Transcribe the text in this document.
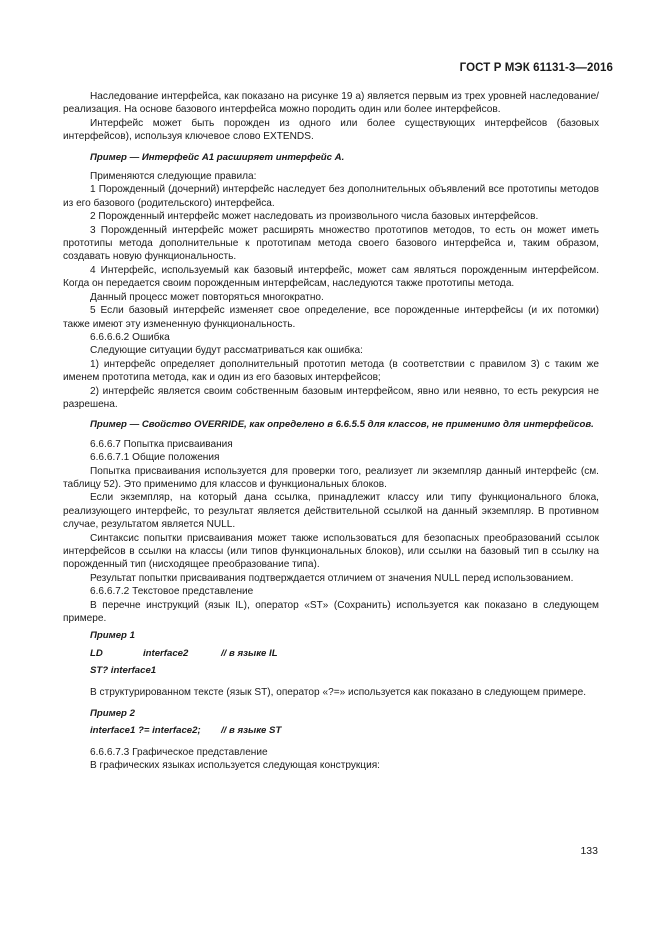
ГОСТ Р МЭК 61131-3—2016

Наследование интерфейса, как показано на рисунке 19 а) является первым из трех уровней наследование/реализация. На основе базового интерфейса можно породить один или более интерфейсов.

Интерфейс может быть порожден из одного или более существующих интерфейсов (базовых интерфейсов), используя ключевое слово EXTENDS.

Пример — Интерфейс A1 расширяет интерфейс A.

Применяются следующие правила:

1 Порожденный (дочерний) интерфейс наследует без дополнительных объявлений все прототипы методов из его базового (родительского) интерфейса.

2 Порожденный интерфейс может наследовать из произвольного числа базовых интерфейсов.

3 Порожденный интерфейс может расширять множество прототипов методов, то есть он может иметь прототипы метода дополнительные к прототипам метода своего базового интерфейса и, таким образом, создавать новую функциональность.

4 Интерфейс, используемый как базовый интерфейс, может сам являться порожденным интерфейсом. Когда он передается своим порожденным интерфейсам, наследуются также прототипы метода.

Данный процесс может повторяться многократно.

5 Если базовый интерфейс изменяет свое определение, все порожденные интерфейсы (и их потомки) также имеют эту измененную функциональность.

6.6.6.6.2 Ошибка

Следующие ситуации будут рассматриваться как ошибка:

1) интерфейс определяет дополнительный прототип метода (в соответствии с правилом 3) с таким же именем прототипа метода, как и один из его базовых интерфейсов;

2) интерфейс является своим собственным базовым интерфейсом, явно или неявно, то есть рекурсия не разрешена.

Пример — Свойство OVERRIDE, как определено в 6.6.5.5 для классов, не применимо для интерфейсов.

6.6.6.7 Попытка присваивания

6.6.6.7.1 Общие положения

Попытка присваивания используется для проверки того, реализует ли экземпляр данный интерфейс (см. таблицу 52). Это применимо для классов и функциональных блоков.

Если экземпляр, на который дана ссылка, принадлежит классу или типу функционального блока, реализующего интерфейс, то результат является действительной ссылкой на данный экземпляр. В противном случае, результатом является NULL.

Синтаксис попытки присваивания может также использоваться для безопасных преобразований ссылок интерфейсов в ссылки на классы (или типов функциональных блоков), или ссылки на базовый тип в ссылку на порожденный тип (нисходящее преобразование типа).

Результат попытки присваивания подтверждается отличием от значения NULL перед использованием.

6.6.6.7.2 Текстовое представление

В перечне инструкций (язык IL), оператор «ST» (Сохранить) используется как показано в следующем примере.

Пример 1

LD	interface2	// в языке IL
ST? interface1

В структурированном тексте (язык ST), оператор «?=» используется как показано в следующем примере.

Пример 2

interface1 ?= interface2; // в языке ST

6.6.6.7.3 Графическое представление

В графических языках используется следующая конструкция:

133
